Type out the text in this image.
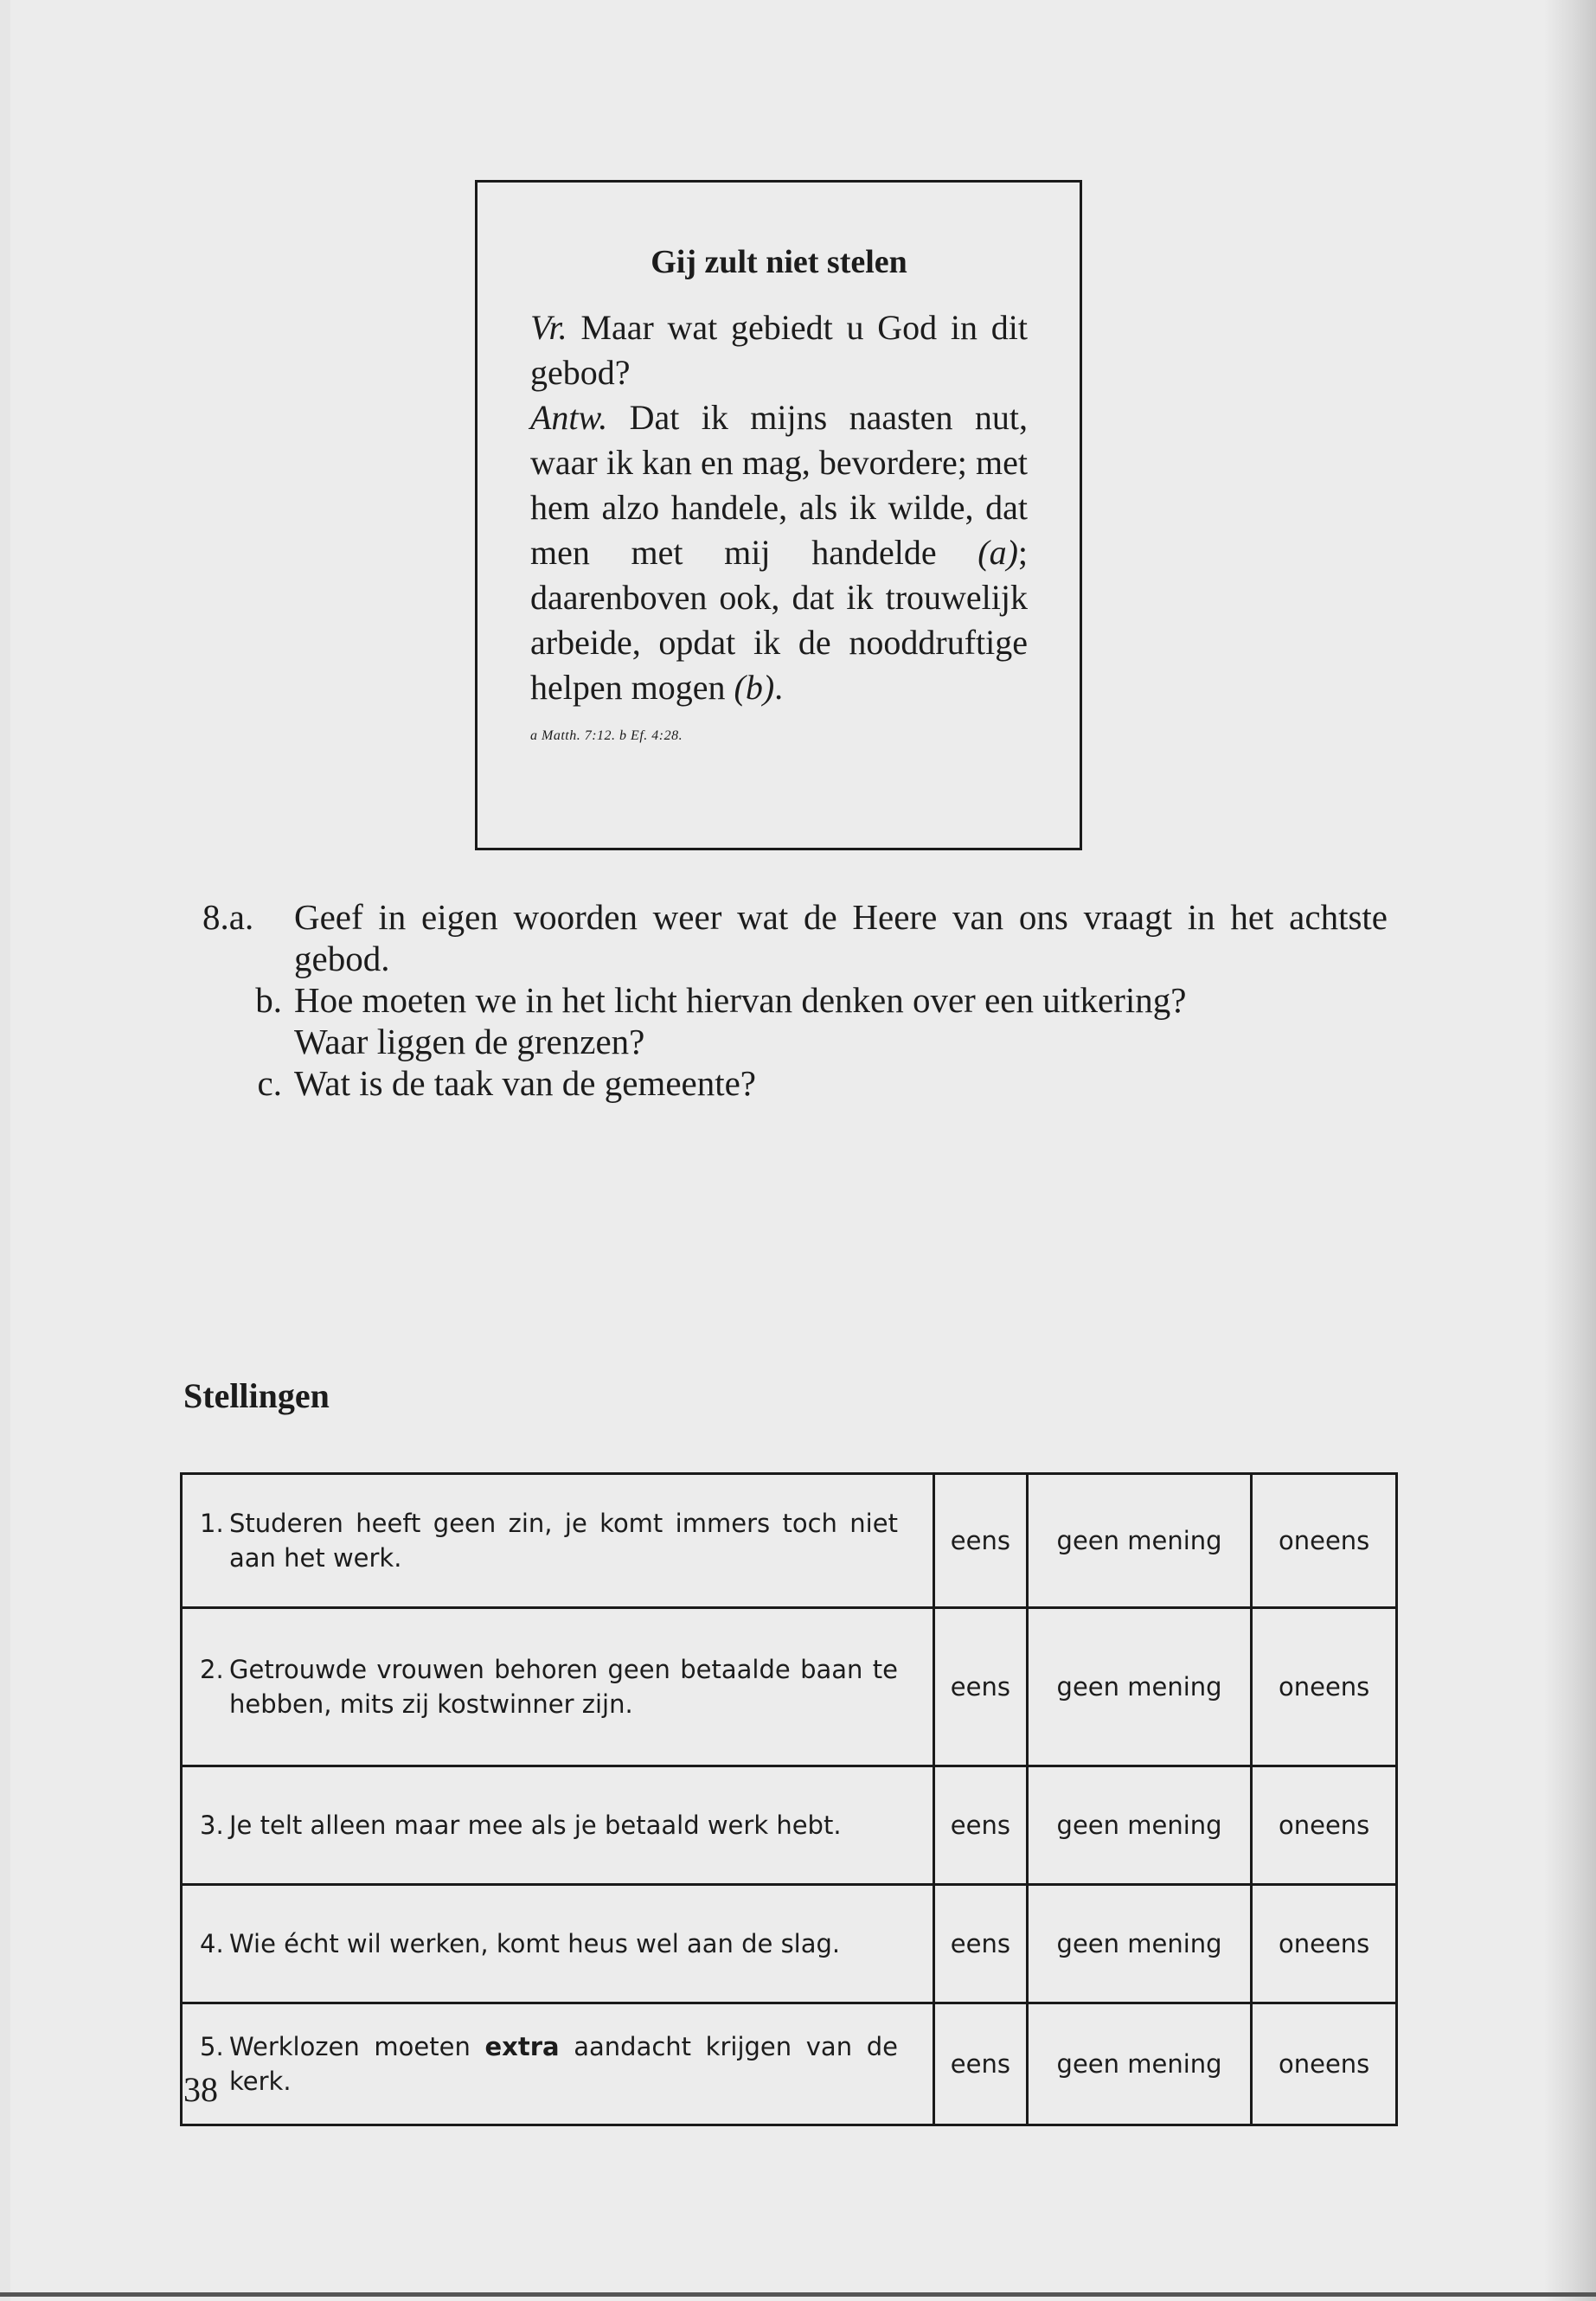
Gij zult niet stelen

Vr. Maar wat gebiedt u God in dit gebod?

Antw. Dat ik mijns naasten nut, waar ik kan en mag, bevordere; met hem alzo handele, als ik wilde, dat men met mij handelde (a); daarenboven ook, dat ik trouwelijk arbeide, opdat ik de nooddruftige helpen mogen (b).

a Matth. 7:12. b Ef. 4:28.
8.a.	Geef in eigen woorden weer wat de Heere van ons vraagt in het achtste gebod.

b. Hoe moeten we in het licht hiervan denken over een uitkering?

Waar liggen de grenzen?

c. Wat is de taak van de gemeente?

Stellingen
1. Studeren heeft geen zin, je komt immers toch niet aan het werk.	eens	geen mening	oneens

2. Getrouwde vrouwen behoren geen betaalde baan te hebben, mits zij kostwinner zijn.	eens	geen mening	oneens

3. Je telt alleen maar mee als je betaald werk hebt.	eens	geen mening	oneens

4. Wie écht wil werken, komt heus wel aan de slag.	eens	geen mening	oneens

5. Werklozen moeten extra aandacht krijgen van de kerk.	eens	geen mening	oneens
38
